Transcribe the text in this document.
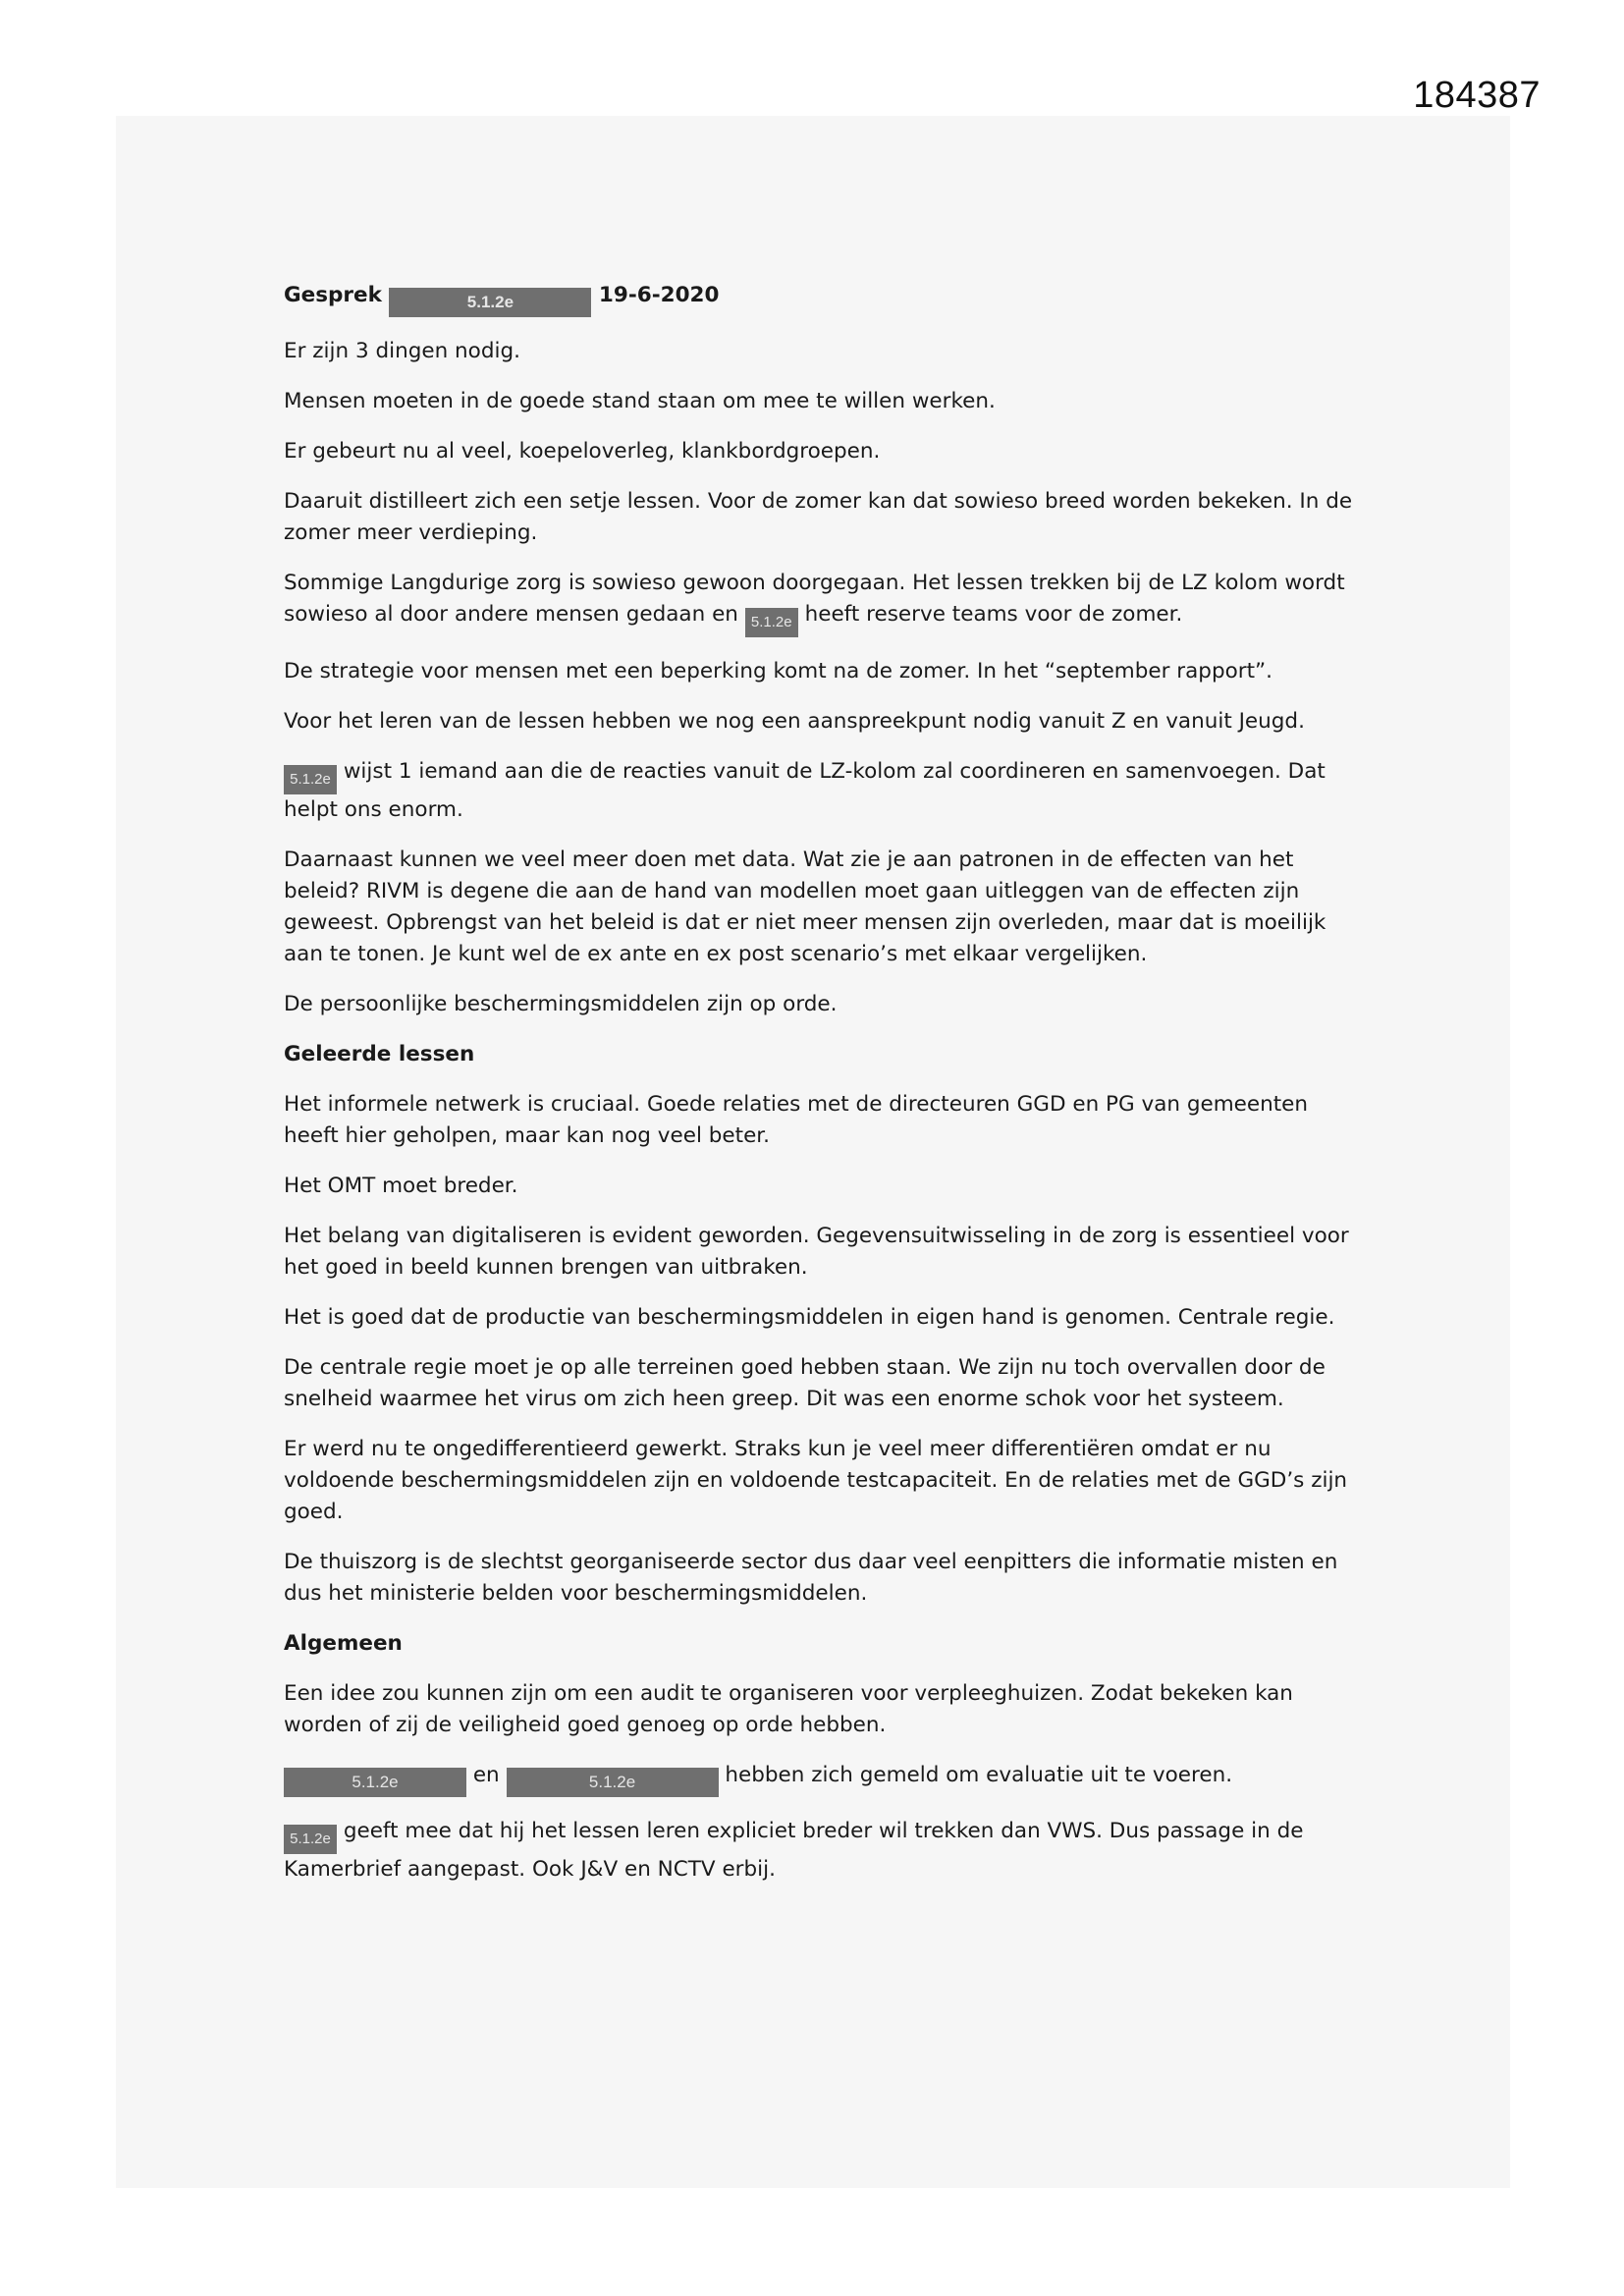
184387

Gesprek	5.1.2e	19-6-2020

Er zijn 3 dingen nodig.

Mensen moeten in de goede stand staan om mee te willen werken.

Er gebeurt nu al veel, koepeloverleg, klankbordgroepen.

Daaruit distilleert zich een setje lessen. Voor de zomer kan dat sowieso breed worden bekeken. In de zomer meer verdieping.

Sommige Langdurige zorg is sowieso gewoon doorgegaan. Het lessen trekken bij de LZ kolom wordt sowieso al door andere mensen gedaan en 5.1.2e heeft reserve teams voor de zomer.

De strategie voor mensen met een beperking komt na de zomer. In het “september rapport”.

Voor het leren van de lessen hebben we nog een aanspreekpunt nodig vanuit Z en vanuit Jeugd.

5.1.2e wijst 1 iemand aan die de reacties vanuit de LZ-kolom zal coordineren en samenvoegen. Dat helpt ons enorm.

Daarnaast kunnen we veel meer doen met data. Wat zie je aan patronen in de effecten van het beleid? RIVM is degene die aan de hand van modellen moet gaan uitleggen van de effecten zijn geweest. Opbrengst van het beleid is dat er niet meer mensen zijn overleden, maar dat is moeilijk aan te tonen. Je kunt wel de ex ante en ex post scenario’s met elkaar vergelijken.

De persoonlijke beschermingsmiddelen zijn op orde.

Geleerde lessen

Het informele netwerk is cruciaal. Goede relaties met de directeuren GGD en PG van gemeenten heeft hier geholpen, maar kan nog veel beter.

Het OMT moet breder.

Het belang van digitaliseren is evident geworden. Gegevensuitwisseling in de zorg is essentieel voor het goed in beeld kunnen brengen van uitbraken.

Het is goed dat de productie van beschermingsmiddelen in eigen hand is genomen. Centrale regie.

De centrale regie moet je op alle terreinen goed hebben staan. We zijn nu toch overvallen door de snelheid waarmee het virus om zich heen greep. Dit was een enorme schok voor het systeem.

Er werd nu te ongedifferentieerd gewerkt. Straks kun je veel meer differentiëren omdat er nu voldoende beschermingsmiddelen zijn en voldoende testcapaciteit. En de relaties met de GGD’s zijn goed.

De thuiszorg is de slechtst georganiseerde sector dus daar veel eenpitters die informatie misten en dus het ministerie belden voor beschermingsmiddelen.

Algemeen

Een idee zou kunnen zijn om een audit te organiseren voor verpleeghuizen. Zodat bekeken kan worden of zij de veiligheid goed genoeg op orde hebben.

5.1.2e	en	5.1.2e	hebben zich gemeld om evaluatie uit te voeren.

5.1.2e geeft mee dat hij het lessen leren expliciet breder wil trekken dan VWS. Dus passage in de Kamerbrief aangepast. Ook J&V en NCTV erbij.
